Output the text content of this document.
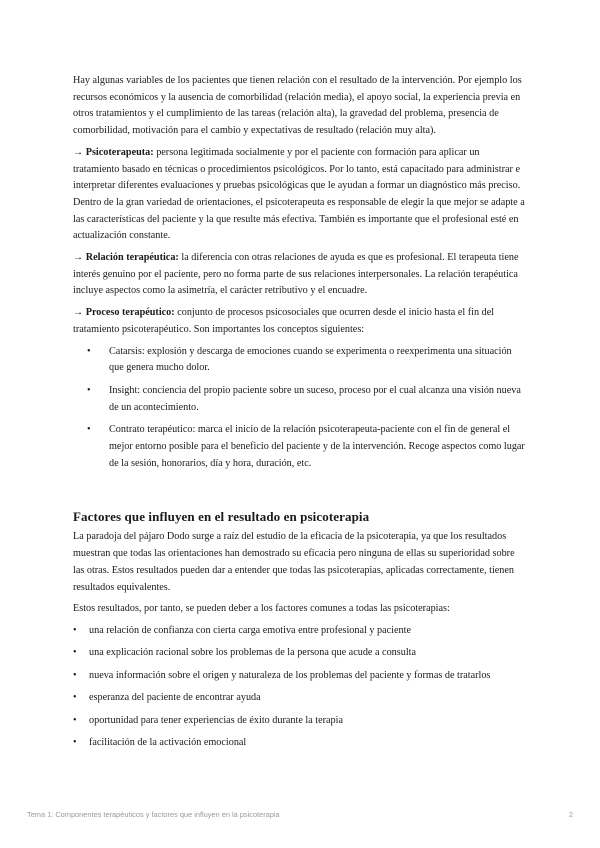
Hay algunas variables de los pacientes que tienen relación con el resultado de la intervención. Por ejemplo los recursos económicos y la ausencia de comorbilidad (relación media), el apoyo social, la experiencia previa en otros tratamientos y el cumplimiento de las tareas (relación alta), la gravedad del problema, presencia de comorbilidad, motivación para el cambio y expectativas de resultado (relación muy alta).

→ Psicoterapeuta: persona legitimada socialmente y por el paciente con formación para aplicar un tratamiento basado en técnicas o procedimientos psicológicos. Por lo tanto, está capacitado para administrar e interpretar diferentes evaluaciones y pruebas psicológicas que le ayudan a formar un diagnóstico más preciso. Dentro de la gran variedad de orientaciones, el psicoterapeuta es responsable de elegir la que mejor se adapte a las características del paciente y la que resulte más efectiva. También es importante que el profesional esté en actualización constante.

→ Relación terapéutica: la diferencia con otras relaciones de ayuda es que es profesional. El terapeuta tiene interés genuino por el paciente, pero no forma parte de sus relaciones interpersonales. La relación terapéutica incluye aspectos como la asimetría, el carácter retributivo y el encuadre.

→ Proceso terapéutico: conjunto de procesos psicosociales que ocurren desde el inicio hasta el fin del tratamiento psicoterapéutico. Son importantes los conceptos siguientes:

• Catarsis: explosión y descarga de emociones cuando se experimenta o reexperimenta una situación que genera mucho dolor.
• Insight: conciencia del propio paciente sobre un suceso, proceso por el cual alcanza una visión nueva de un acontecimiento.
• Contrato terapéutico: marca el inicio de la relación psicoterapeuta-paciente con el fin de general el mejor entorno posible para el beneficio del paciente y de la intervención. Recoge aspectos como lugar de la sesión, honorarios, día y hora, duración, etc.
Factores que influyen en el resultado en psicoterapia

La paradoja del pájaro Dodo surge a raíz del estudio de la eficacia de la psicoterapia, ya que los resultados muestran que todas las orientaciones han demostrado su eficacia pero ninguna de ellas su superioridad sobre las otras. Estos resultados pueden dar a entender que todas las psicoterapias, aplicadas correctamente, tienen resultados equivalentes.

Estos resultados, por tanto, se pueden deber a los factores comunes a todas las psicoterapias:

• una relación de confianza con cierta carga emotiva entre profesional y paciente
• una explicación racional sobre los problemas de la persona que acude a consulta
• nueva información sobre el origen y naturaleza de los problemas del paciente y formas de tratarlos
• esperanza del paciente de encontrar ayuda
• oportunidad para tener experiencias de éxito durante la terapia
• facilitación de la activación emocional
Tema 1: Componentes terapéuticos y factores que influyen en la psicoterapia	2
